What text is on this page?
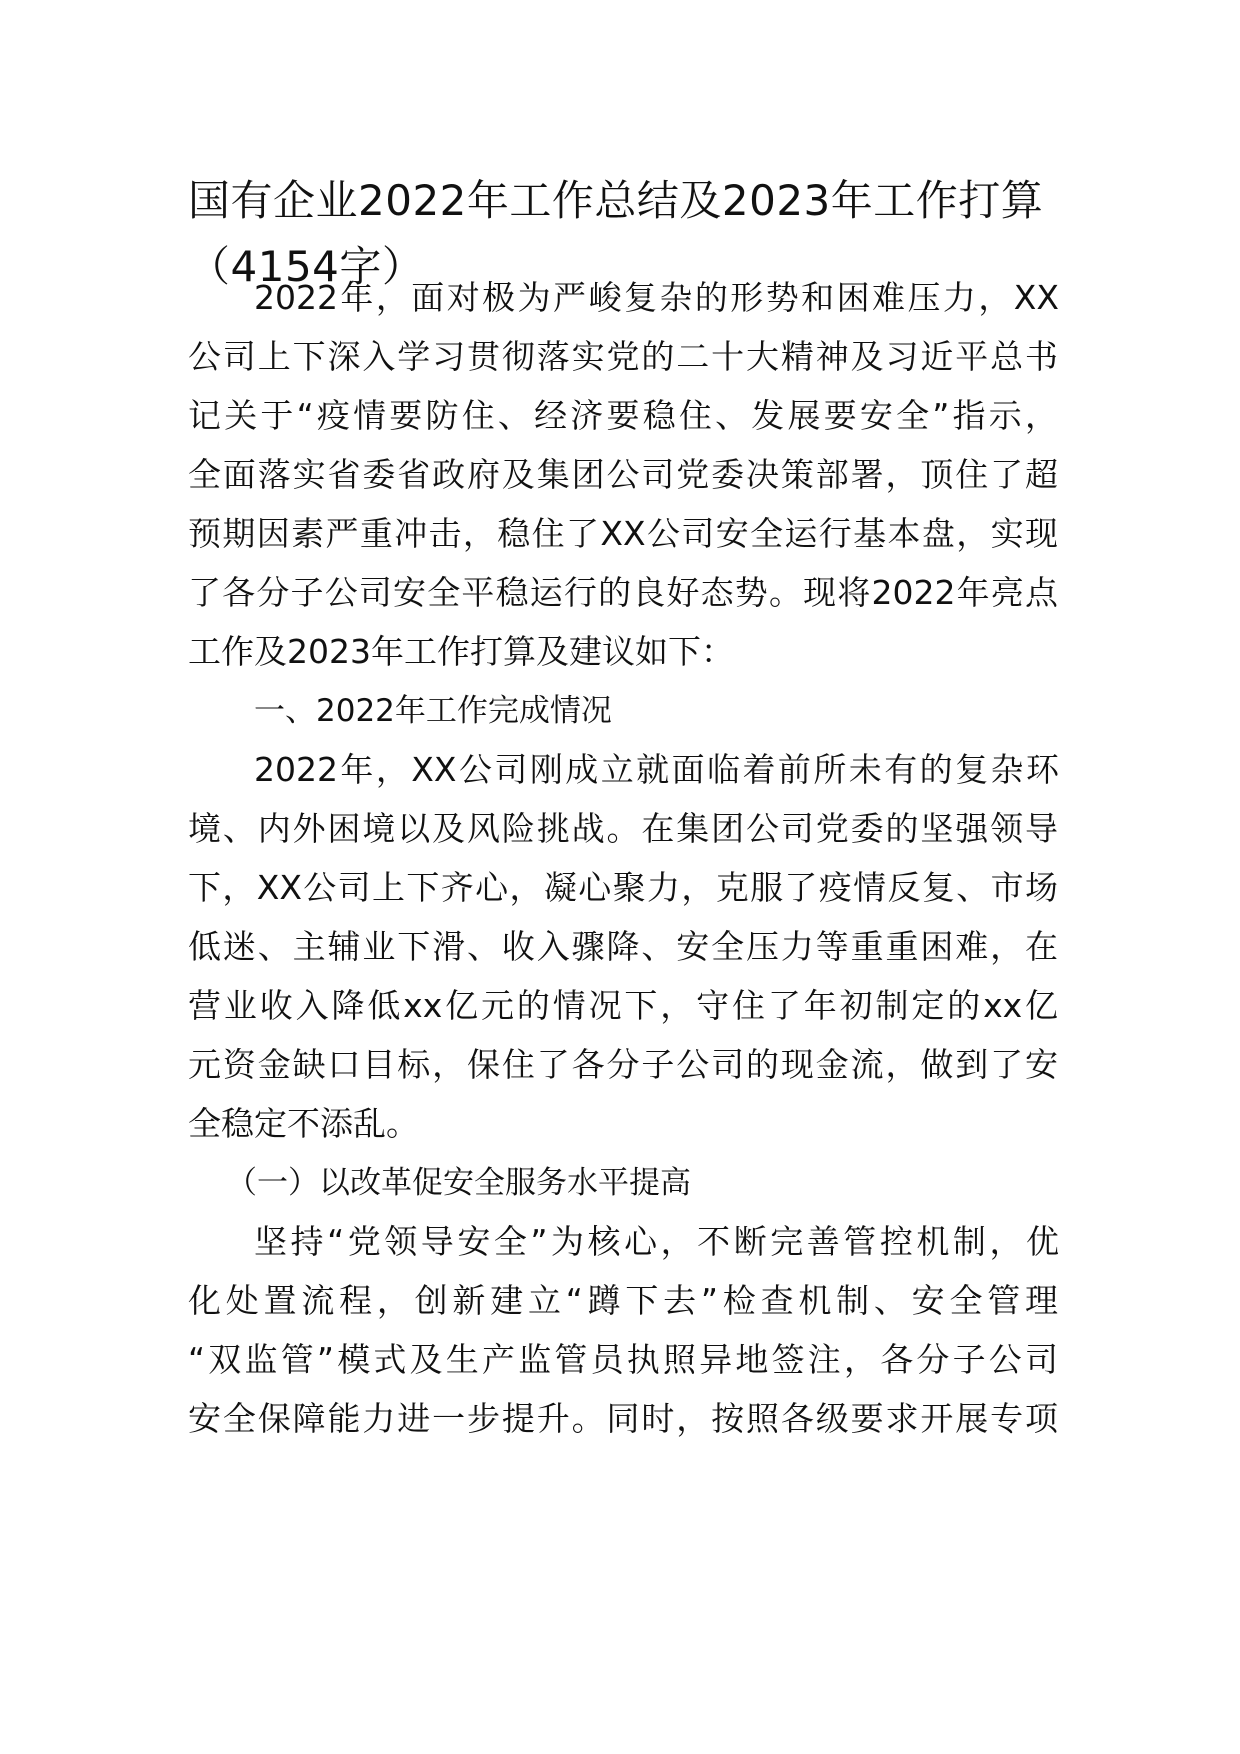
国有企业2022年工作总结及2023年工作打算（4154字）

2022年，面对极为严峻复杂的形势和困难压力，XX

公司上下深入学习贯彻落实党的二十大精神及习近平总书

记关于“疫情要防住、经济要稳住、发展要安全”指示，

全面落实省委省政府及集团公司党委决策部署，顶住了超

预期因素严重冲击，稳住了XX公司安全运行基本盘，实现

了各分子公司安全平稳运行的良好态势。现将2022年亮点

工作及2023年工作打算及建议如下：

一、2022年工作完成情况

2022年，XX公司刚成立就面临着前所未有的复杂环

境、内外困境以及风险挑战。在集团公司党委的坚强领导

下，XX公司上下齐心，凝心聚力，克服了疫情反复、市场

低迷、主辅业下滑、收入骤降、安全压力等重重困难，在

营业收入降低xx亿元的情况下，守住了年初制定的xx亿

元资金缺口目标，保住了各分子公司的现金流，做到了安

全稳定不添乱。

（一）以改革促安全服务水平提高

坚持“党领导安全”为核心，不断完善管控机制，优

化处置流程，创新建立“蹲下去”检查机制、安全管理

“双监管”模式及生产监管员执照异地签注，各分子公司

安全保障能力进一步提升。同时，按照各级要求开展专项
